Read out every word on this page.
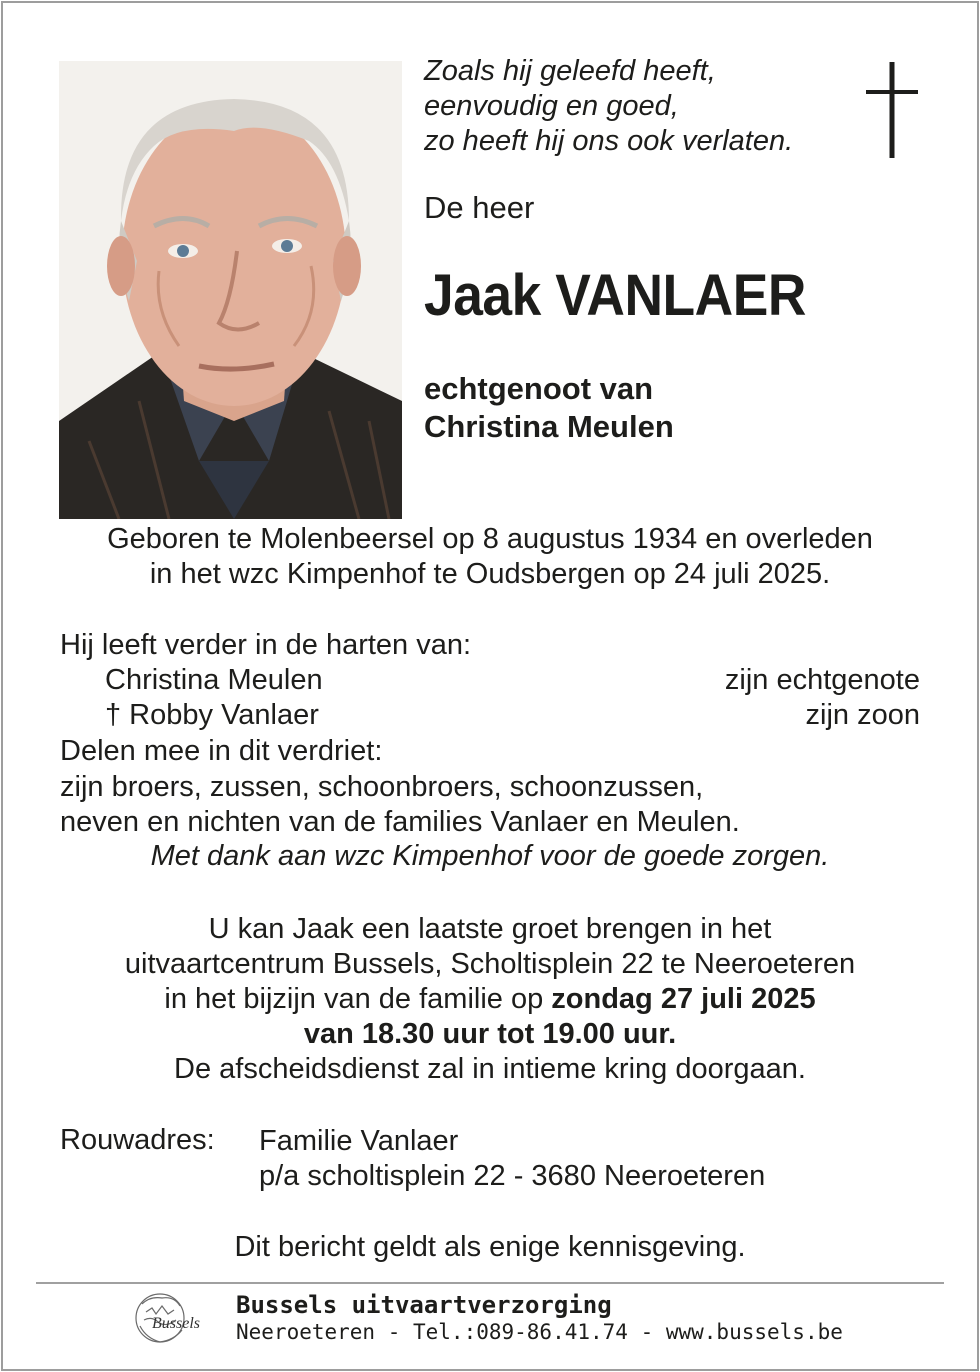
Zoals hij geleefd heeft,
eenvoudig en goed,
zo heeft hij ons ook verlaten.
De heer
Jaak VANLAER
echtgenoot van
Christina Meulen
Geboren te Molenbeersel op 8 augustus 1934 en overleden
in het wzc Kimpenhof te Oudsbergen op 24 juli 2025.
Hij leeft verder in de harten van:
Christina Meulen	zijn echtgenote
† Robby Vanlaer	zijn zoon
Delen mee in dit verdriet:
zijn broers, zussen, schoonbroers, schoonzussen,
neven en nichten van de families Vanlaer en Meulen.
Met dank aan wzc Kimpenhof voor de goede zorgen.
U kan Jaak een laatste groet brengen in het
uitvaartcentrum Bussels, Scholtisplein 22 te Neeroeteren
in het bijzijn van de familie op zondag 27 juli 2025
van 18.30 uur tot 19.00 uur.
De afscheidsdienst zal in intieme kring doorgaan.
Rouwadres: Familie Vanlaer
p/a scholtisplein 22 - 3680 Neeroeteren
Dit bericht geldt als enige kennisgeving.
Bussels
Bussels uitvaartverzorging
Neeroeteren - Tel.:089-86.41.74 - www.bussels.be
